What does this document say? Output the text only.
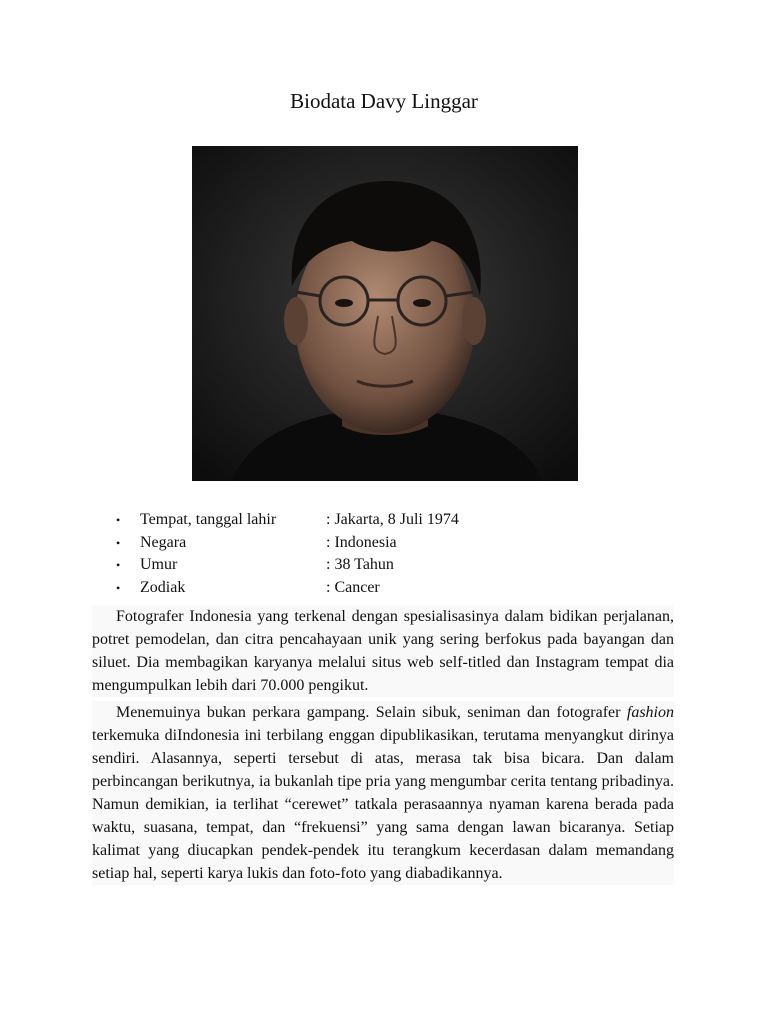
Biodata Davy Linggar
• Tempat, tanggal lahir	: Jakarta, 8 Juli 1974
• Negara	: Indonesia
• Umur	: 38 Tahun
• Zodiak	: Cancer

Fotografer Indonesia yang terkenal dengan spesialisasinya dalam bidikan perjalanan, potret pemodelan, dan citra pencahayaan unik yang sering berfokus pada bayangan dan siluet. Dia membagikan karyanya melalui situs web self-titled dan Instagram tempat dia mengumpulkan lebih dari 70.000 pengikut.

Menemuinya bukan perkara gampang. Selain sibuk, seniman dan fotografer fashion terkemuka diIndonesia ini terbilang enggan dipublikasikan, terutama menyangkut dirinya sendiri. Alasannya, seperti tersebut di atas, merasa tak bisa bicara. Dan dalam perbincangan berikutnya, ia bukanlah tipe pria yang mengumbar cerita tentang pribadinya. Namun demikian, ia terlihat “cerewet” tatkala perasaannya nyaman karena berada pada waktu, suasana, tempat, dan “frekuensi” yang sama dengan lawan bicaranya. Setiap kalimat yang diucapkan pendek-pendek itu terangkum kecerdasan dalam memandang setiap hal, seperti karya lukis dan foto-foto yang diabadikannya.
